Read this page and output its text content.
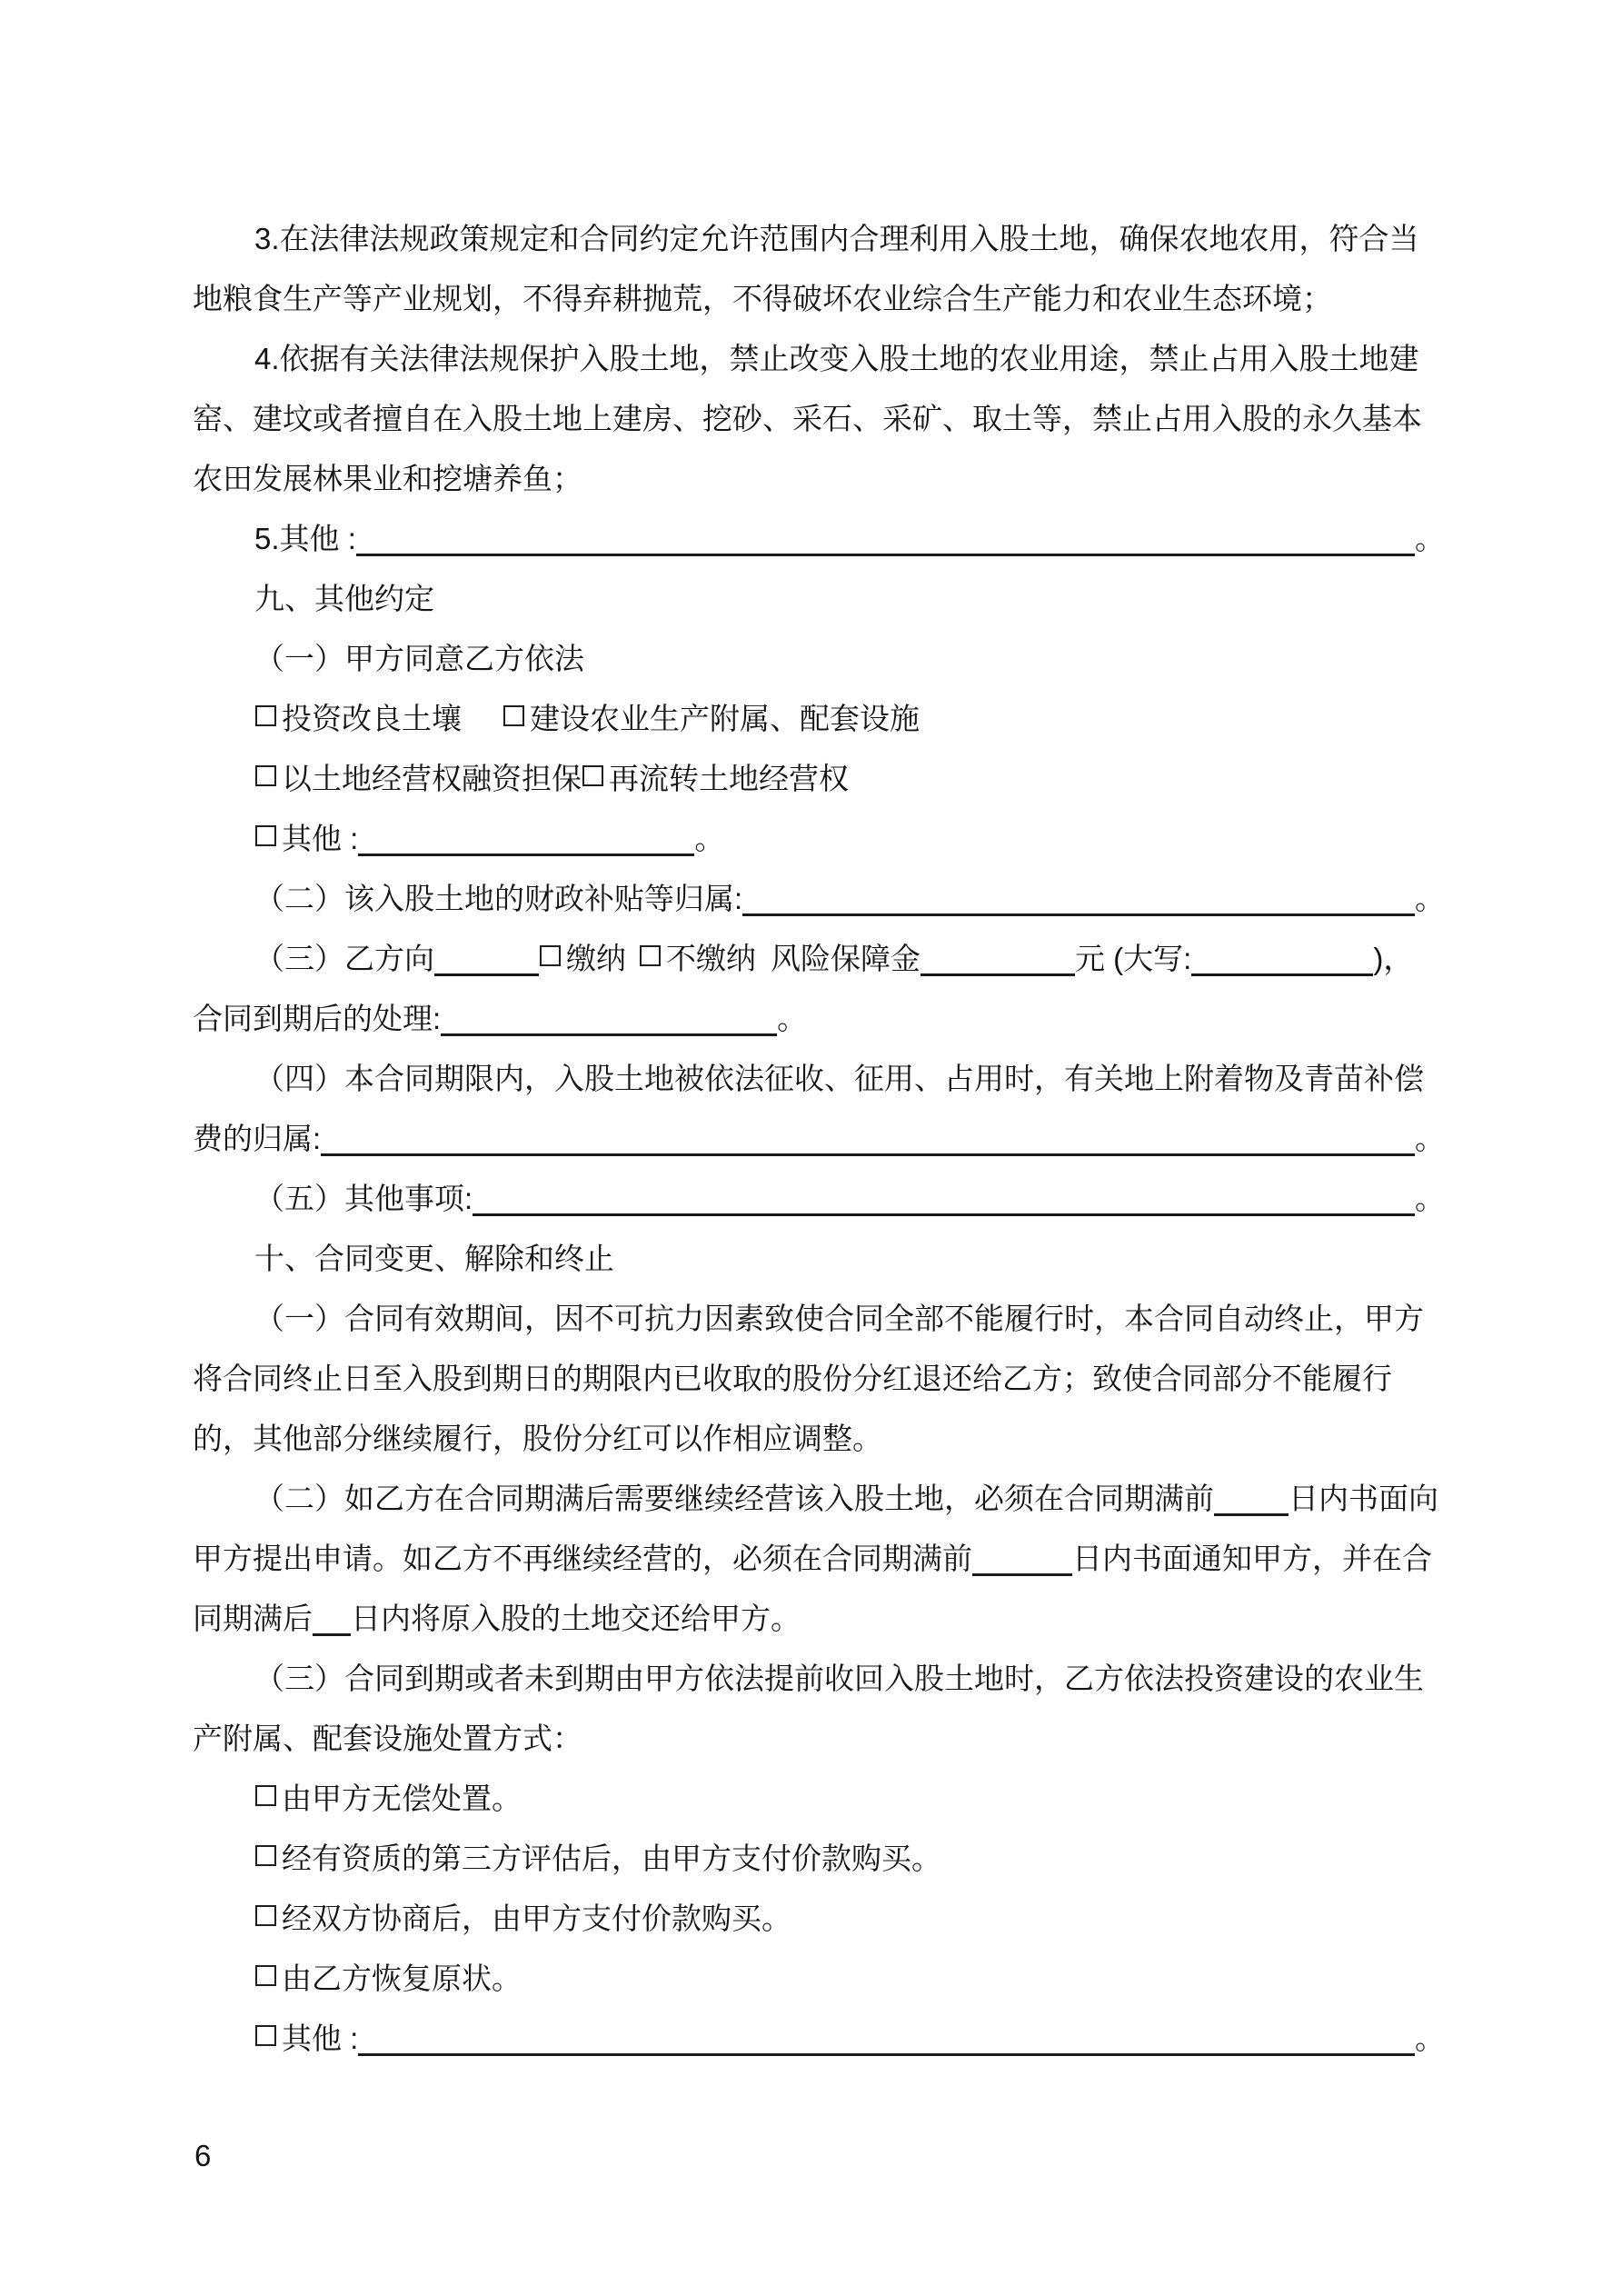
3.在法律法规政策规定和合同约定允许范围内合理利用入股土地，确保农地农用，符合当
地粮食生产等产业规划，不得弃耕抛荒，不得破坏农业综合生产能力和农业生态环境；
4.依据有关法律法规保护入股土地，禁止改变入股土地的农业用途，禁止占用入股土地建
窑、建坟或者擅自在入股土地上建房、挖砂、采石、采矿、取土等，禁止占用入股的永久基本
农田发展林果业和挖塘养鱼；
5.其他 :	。
九、其他约定
（一）甲方同意乙方依法
投资改良土壤 建设农业生产附属、配套设施
以土地经营权融资担保 再流转土地经营权
其他 :	。
（二）该入股土地的财政补贴等归属:	。
（三）乙方向	缴纳 不缴纳 风险保障金	元 (大写:	)，
合同到期后的处理:	。
（四）本合同期限内，入股土地被依法征收、征用、占用时，有关地上附着物及青苗补偿
费的归属:	。
（五）其他事项:	。
十、合同变更、解除和终止
（一）合同有效期间，因不可抗力因素致使合同全部不能履行时，本合同自动终止，甲方
将合同终止日至入股到期日的期限内已收取的股份分红退还给乙方；致使合同部分不能履行
的，其他部分继续履行，股份分红可以作相应调整。
（二）如乙方在合同期满后需要继续经营该入股土地，必须在合同期满前 日内书面向
甲方提出申请。如乙方不再继续经营的，必须在合同期满前	日内书面通知甲方，并在合
同期满后 日内将原入股的土地交还给甲方。
（三）合同到期或者未到期由甲方依法提前收回入股土地时，乙方依法投资建设的农业生
产附属、配套设施处置方式：
由甲方无偿处置。
经有资质的第三方评估后，由甲方支付价款购买。
经双方协商后，由甲方支付价款购买。
由乙方恢复原状。
其他 :	。
6
